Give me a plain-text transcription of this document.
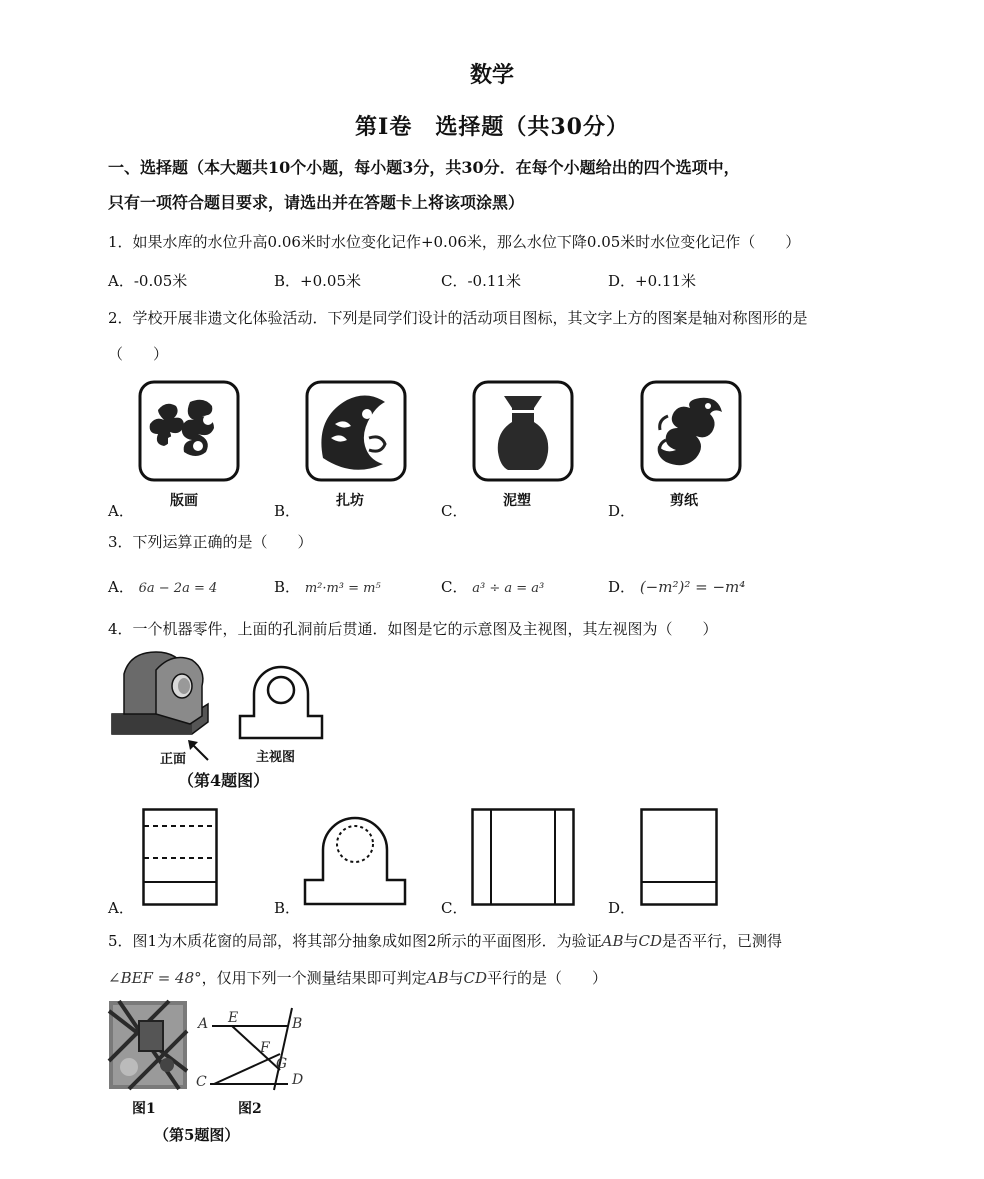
数学
第Ⅰ卷　选择题（共30分）
一、选择题（本大题共10个小题，每小题3分，共30分．在每个小题给出的四个选项中，
只有一项符合题目要求，请选出并在答题卡上将该项涂黑）
1．如果水库的水位升高0.06米时水位变化记作+0.06米，那么水位下降0.05米时水位变化记作（　　）
A．-0.05米	B．+0.05米	C．-0.11米	D．+0.11米
2．学校开展非遗文化体验活动．下列是同学们设计的活动项目图标，其文字上方的图案是轴对称图形的是
（　　）
A．
版画
B．
扎坊
C．
泥塑
D．
剪纸
3．下列运算正确的是（　　）
A． 6a − 2a = 4	B． m²·m³ = m⁵	C． a³ ÷ a = a³	D． (−m²)² = −m⁴
4．一个机器零件，上面的孔洞前后贯通．如图是它的示意图及主视图，其左视图为（　　）
正面	主视图
（第4题图）
A．	B．	C．	D．
5．图1为木质花窗的局部，将其部分抽象成如图2所示的平面图形．为验证AB与CD是否平行，已测得
∠BEF = 48°，仅用下列一个测量结果即可判定AB与CD平行的是（　　）
图1
A E	B
F
G
C	D
图2
（第5题图）
